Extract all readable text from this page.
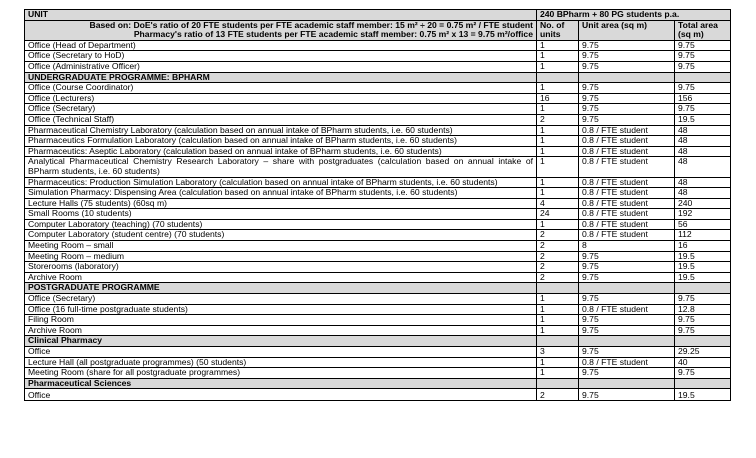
UNIT	240 BPharm + 80 PG students p.a.		

Based on: DoE's ratio of 20 FTE students per FTE academic staff member: 15 m² ÷ 20 = 0.75 m² / FTE student
Pharmacy's ratio of 13 FTE students per FTE academic staff member: 0.75 m² x 13 = 9.75 m²/office	No. of units	Unit area (sq m)	Total area (sq m)
Office (Head of Department)	1	9.75	9.75
Office (Secretary to HoD)	1	9.75	9.75
Office (Administrative Officer)	1	9.75	9.75
UNDERGRADUATE PROGRAMME: BPHARM			
Office (Course Coordinator)	1	9.75	9.75
Office (Lecturers)	16	9.75	156
Office (Secretary)	1	9.75	9.75
Office (Technical Staff)	2	9.75	19.5
Pharmaceutical Chemistry Laboratory (calculation based on annual intake of BPharm students, i.e. 60 students)	1	0.8 / FTE student	48
Pharmaceutics Formulation Laboratory (calculation based on annual intake of BPharm students, i.e. 60 students)	1	0.8 / FTE student	48
Pharmaceutics: Aseptic Laboratory (calculation based on annual intake of BPharm students, i.e. 60 students)	1	0.8 / FTE student	48
Analytical Pharmaceutical Chemistry Research Laboratory – share with postgraduates (calculation based on annual intake of BPharm students, i.e. 60 students)	1	0.8 / FTE student	48
Pharmaceutics: Production Simulation Laboratory (calculation based on annual intake of BPharm students, i.e. 60 students)	1	0.8 / FTE student	48
Simulation Pharmacy: Dispensing Area (calculation based on annual intake of BPharm students, i.e. 60 students)	1	0.8 / FTE student	48
Lecture Halls (75 students) (60sq m)	4	0.8 / FTE student	240
Small Rooms (10 students)	24	0.8 / FTE student	192
Computer Laboratory (teaching) (70 students)	1	0.8 / FTE student	56
Computer Laboratory (student centre) (70 students)	2	0.8 / FTE student	112
Meeting Room – small	2	8	16
Meeting Room – medium	2	9.75	19.5
Storerooms (laboratory)	2	9.75	19.5
Archive Room	2	9.75	19.5
POSTGRADUATE PROGRAMME			
Office (Secretary)	1	9.75	9.75
Office (16 full-time postgraduate students)	1	0.8 / FTE student	12.8
Filing Room	1	9.75	9.75
Archive Room	1	9.75	9.75
Clinical Pharmacy			
Office	3	9.75	29.25
Lecture Hall (all postgraduate programmes) (50 students)	1	0.8 / FTE student	40
Meeting Room (share for all postgraduate programmes)	1	9.75	9.75
Pharmaceutical Sciences			
Office	2	9.75	19.5
